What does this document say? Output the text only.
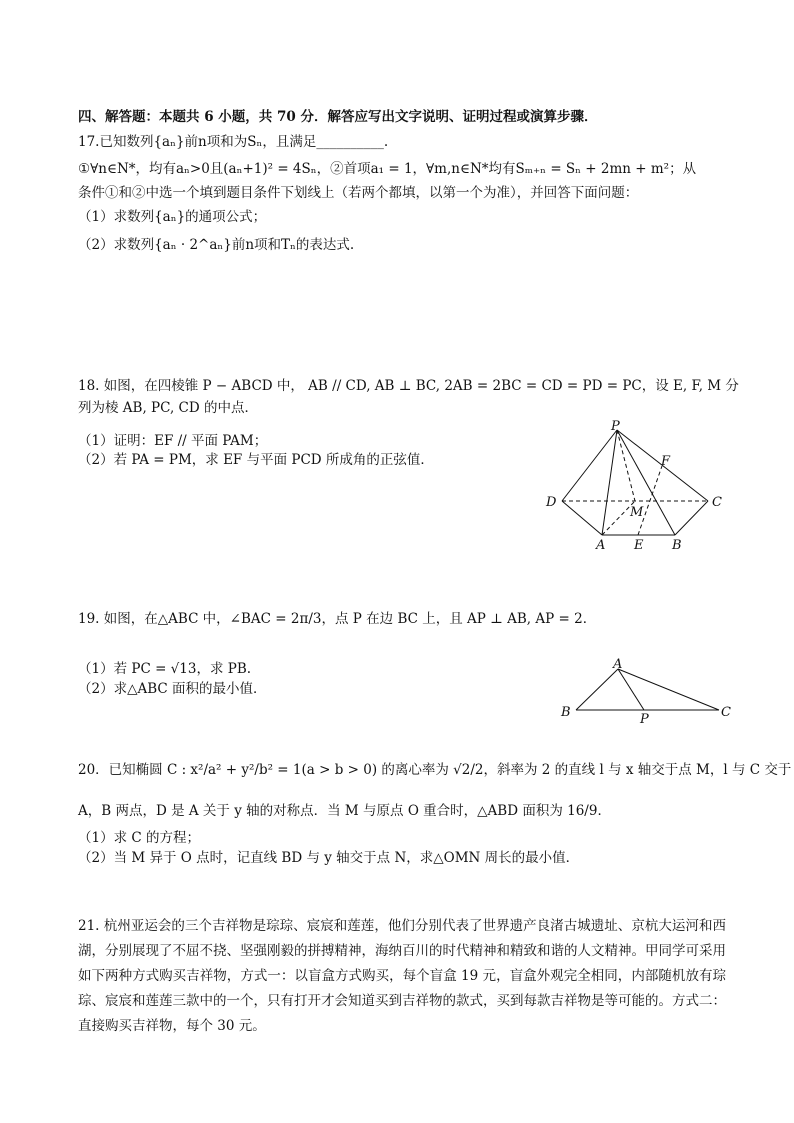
四、解答题：本题共 6 小题，共 70 分．解答应写出文字说明、证明过程或演算步骤．
17.已知数列{aₙ}前n项和为Sₙ，且满足__________.
①∀n∈N*，均有aₙ>0且(aₙ+1)² = 4Sₙ，②首项a₁ = 1，∀m,n∈N*均有Sₘ₊ₙ = Sₙ + 2mn + m²；从
条件①和②中选一个填到题目条件下划线上（若两个都填，以第一个为准），并回答下面问题：
（1）求数列{aₙ}的通项公式；
（2）求数列{aₙ · 2^aₙ}前n项和Tₙ的表达式.
18. 如图，在四棱锥 P − ABCD 中， AB // CD, AB ⊥ BC, 2AB = 2BC = CD = PD = PC，设 E, F, M 分
列为棱 AB, PC, CD 的中点．
（1）证明：EF // 平面 PAM；
（2）若 PA = PM，求 EF 与平面 PCD 所成角的正弦值．
P
F
D	C
M
A E B
19. 如图，在△ABC 中，∠BAC = 2π/3，点 P 在边 BC 上，且 AP ⊥ AB, AP = 2．
（1）若 PC = √13，求 PB.
（2）求△ABC 面积的最小值．
A
B	P	C
20．已知椭圆 C : x²/a² + y²/b² = 1(a > b > 0) 的离心率为 √2/2，斜率为 2 的直线 l 与 x 轴交于点 M，l 与 C 交于
A，B 两点，D 是 A 关于 y 轴的对称点．当 M 与原点 O 重合时，△ABD 面积为 16/9．
（1）求 C 的方程；
（2）当 M 异于 O 点时，记直线 BD 与 y 轴交于点 N，求△OMN 周长的最小值．
21. 杭州亚运会的三个吉祥物是琮琮、宸宸和莲莲，他们分别代表了世界遗产良渚古城遗址、京杭大运河和西湖，分别展现了不屈不挠、坚强刚毅的拼搏精神，海纳百川的时代精神和精致和谐的人文精神。甲同学可采用如下两种方式购买吉祥物，方式一：以盲盒方式购买，每个盲盒 19 元，盲盒外观完全相同，内部随机放有琮琮、宸宸和莲莲三款中的一个，只有打开才会知道买到吉祥物的款式，买到每款吉祥物是等可能的。方式二：直接购买吉祥物，每个 30 元。
